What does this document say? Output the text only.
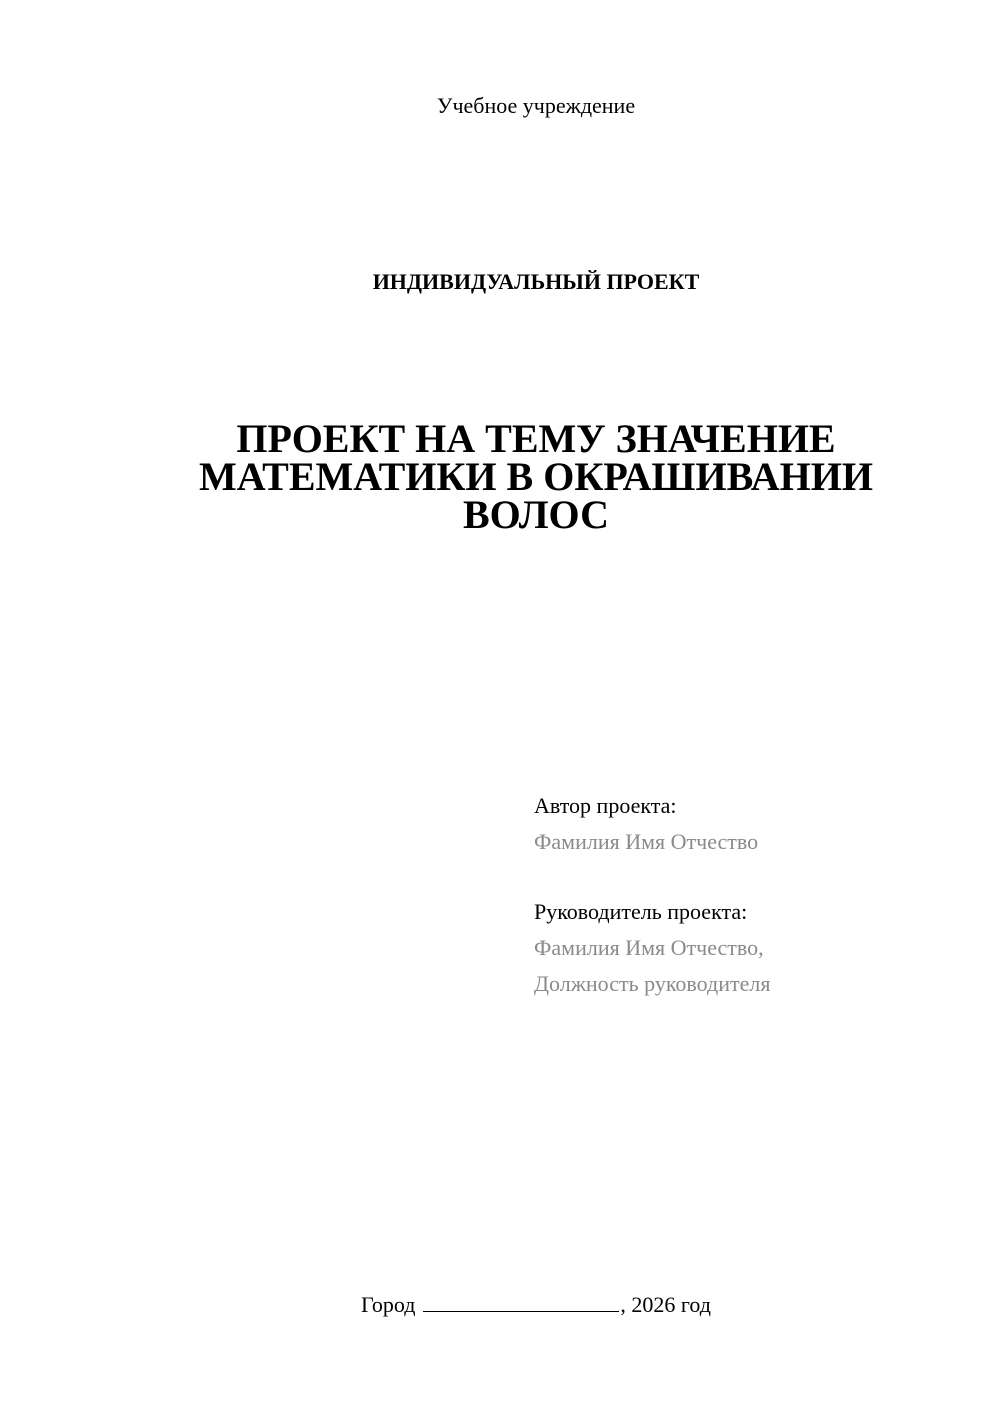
Учебное учреждение
ИНДИВИДУАЛЬНЫЙ ПРОЕКТ
ПРОЕКТ НА ТЕМУ ЗНАЧЕНИЕ
МАТЕМАТИКИ В ОКРАШИВАНИИ
ВОЛОС
Автор проекта:
Фамилия Имя Отчество
Руководитель проекта:
Фамилия Имя Отчество,
Должность руководителя
Город	, 2026 год
